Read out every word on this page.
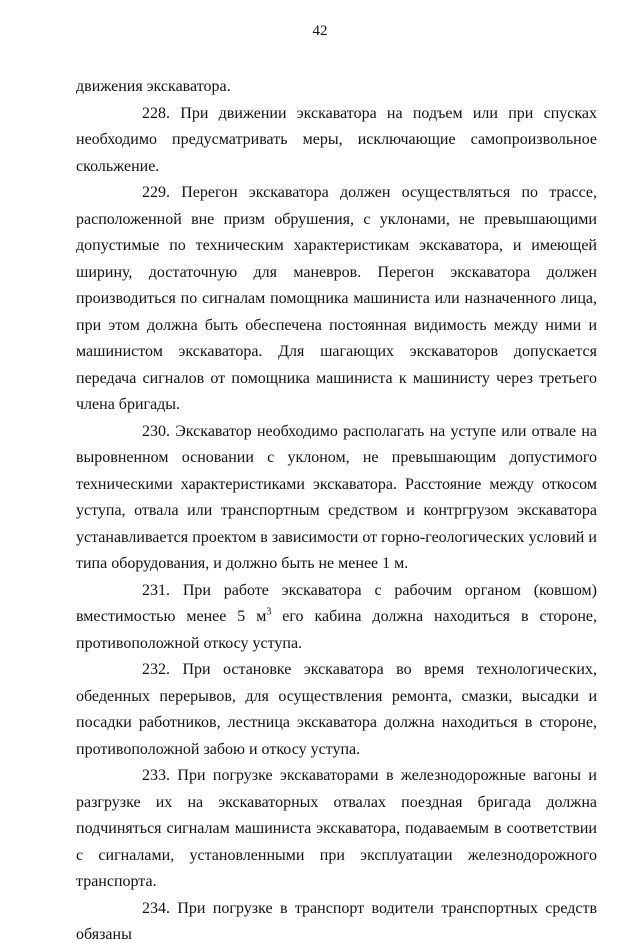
42

движения экскаватора.

228. При движении экскаватора на подъем или при спусках необходимо предусматривать меры, исключающие самопроизвольное скольжение.

229. Перегон экскаватора должен осуществляться по трассе, расположенной вне призм обрушения, с уклонами, не превышающими допустимые по техническим характеристикам экскаватора, и имеющей ширину, достаточную для маневров. Перегон экскаватора должен производиться по сигналам помощника машиниста или назначенного лица, при этом должна быть обеспечена постоянная видимость между ними и машинистом экскаватора. Для шагающих экскаваторов допускается передача сигналов от помощника машиниста к машинисту через третьего члена бригады.

230. Экскаватор необходимо располагать на уступе или отвале на выровненном основании с уклоном, не превышающим допустимого техническими характеристиками экскаватора. Расстояние между откосом уступа, отвала или транспортным средством и контргрузом экскаватора устанавливается проектом в зависимости от горно-геологических условий и типа оборудования, и должно быть не менее 1 м.

231. При работе экскаватора с рабочим органом (ковшом) вместимостью менее 5 $м^3$ его кабина должна находиться в стороне, противоположной откосу уступа.

232. При остановке экскаватора во время технологических, обеденных перерывов, для осуществления ремонта, смазки, высадки и посадки работников, лестница экскаватора должна находиться в стороне, противоположной забою и откосу уступа.

233. При погрузке экскаваторами в железнодорожные вагоны и разгрузке их на экскаваторных отвалах поездная бригада должна подчиняться сигналам машиниста экскаватора, подаваемым в соответствии с сигналами, установленными при эксплуатации железнодорожного транспорта.

234. При погрузке в транспорт водители транспортных средств обязаны
